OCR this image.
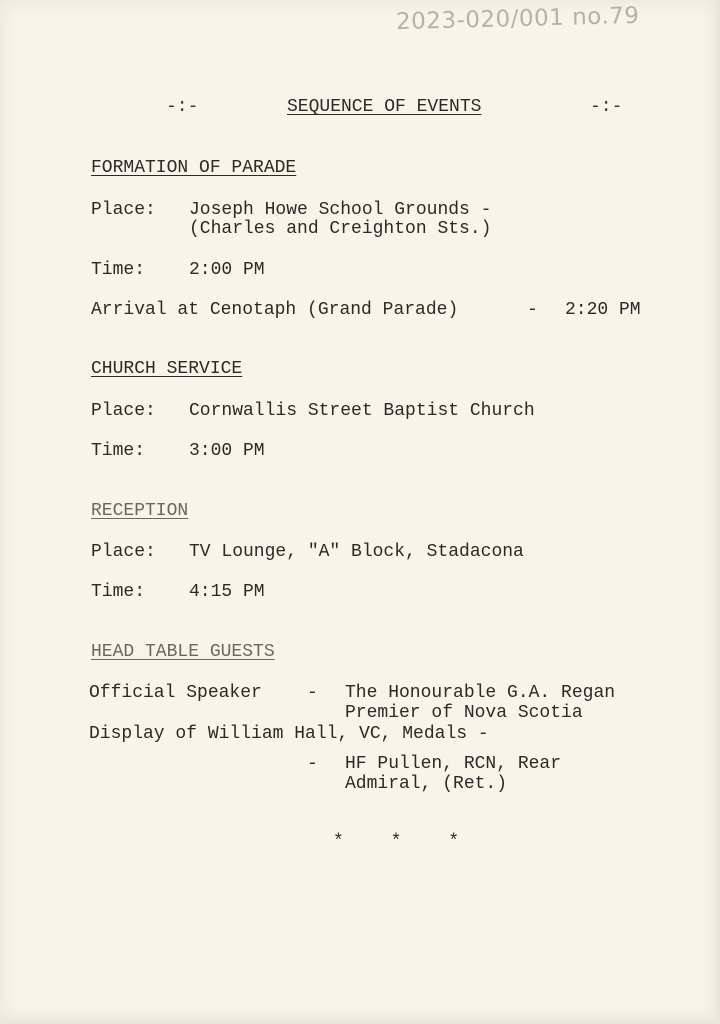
2023-020/001 no.79
-:-	SEQUENCE OF EVENTS	-:-
FORMATION OF PARADE
Place: Joseph Howe School Grounds -
(Charles and Creighton Sts.)
Time: 2:00 PM
Arrival at Cenotaph (Grand Parade)	- 2:20 PM
CHURCH SERVICE
Place: Cornwallis Street Baptist Church
Time: 3:00 PM
RECEPTION
Place: TV Lounge, "A" Block, Stadacona
Time: 4:15 PM
HEAD TABLE GUESTS
Official Speaker	- The Honourable G.A. Regan
Premier of Nova Scotia
Display of William Hall, VC, Medals -
- HF Pullen, RCN, Rear
Admiral, (Ret.)
* * *
